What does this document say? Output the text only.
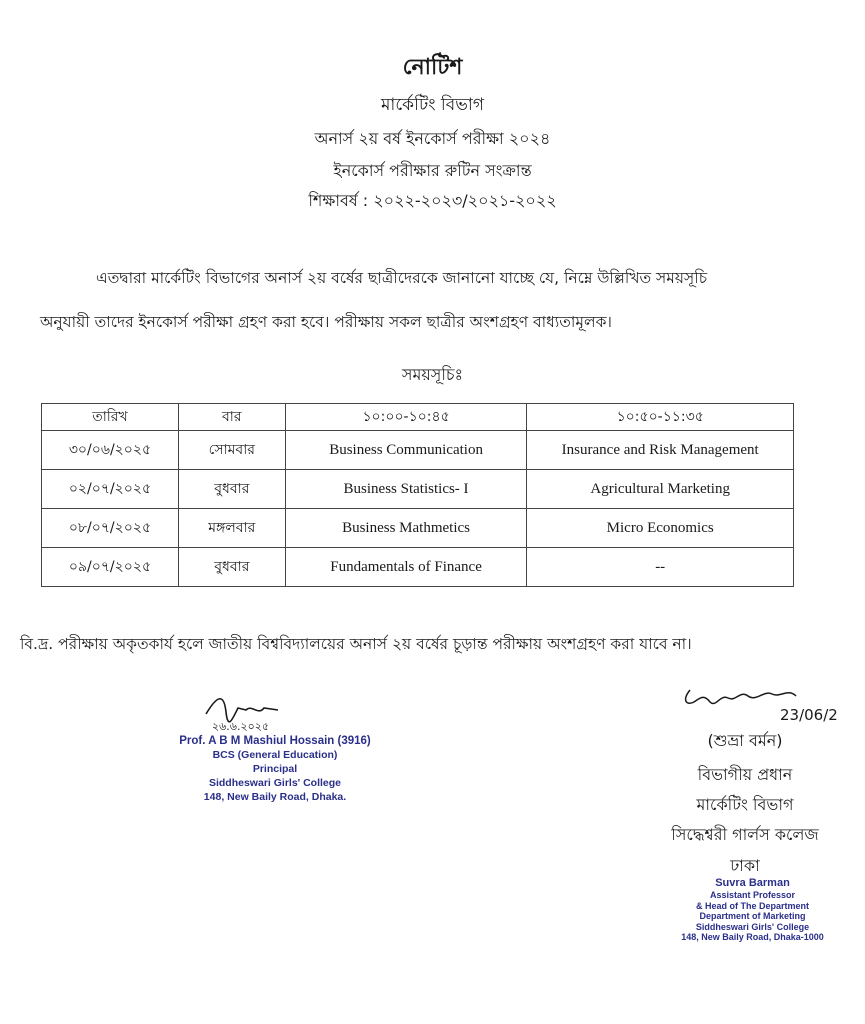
নোটিশ

মার্কেটিং বিভাগ

অনার্স ২য় বর্ষ ইনকোর্স পরীক্ষা ২০২৪

ইনকোর্স পরীক্ষার রুটিন সংক্রান্ত

শিক্ষাবর্ষ : ২০২২-২০২৩/২০২১-২০২২

এতদ্বারা মার্কেটিং বিভাগের অনার্স ২য় বর্ষের ছাত্রীদেরকে জানানো যাচ্ছে যে, নিম্নে উল্লিখিত সময়সূচি

অনুযায়ী তাদের ইনকোর্স পরীক্ষা গ্রহণ করা হবে। পরীক্ষায় সকল ছাত্রীর অংশগ্রহণ বাধ্যতামূলক।

সময়সূচিঃ

তারিখ	বার	১০:০০-১০:৪৫	১০:৫০-১১:৩৫
৩০/০৬/২০২৫	সোমবার	Business Communication	Insurance and Risk Management
০২/০৭/২০২৫	বুধবার	Business Statistics- I	Agricultural Marketing
০৮/০৭/২০২৫	মঙ্গলবার	Business Mathmetics	Micro Economics
০৯/০৭/২০২৫	বুধবার	Fundamentals of Finance	--

বি.দ্র. পরীক্ষায় অকৃতকার্য হলে জাতীয় বিশ্ববিদ্যালয়ের অনার্স ২য় বর্ষের চূড়ান্ত পরীক্ষায় অংশগ্রহণ করা যাবে না।

২৬.৬.২০২৫
Prof. A B M Mashiul Hossain (3916)
BCS (General Education)
Principal
Siddheswari Girls' College
148, New Baily Road, Dhaka.
23/06/2

(শুভ্রা বর্মন)

বিভাগীয় প্রধান

মার্কেটিং বিভাগ

সিদ্ধেশ্বরী গার্লস কলেজ

ঢাকা

Suvra Barman
Assistant Professor
& Head of The Department
Department of Marketing
Siddheswari Girls' College
148, New Baily Road, Dhaka-1000
